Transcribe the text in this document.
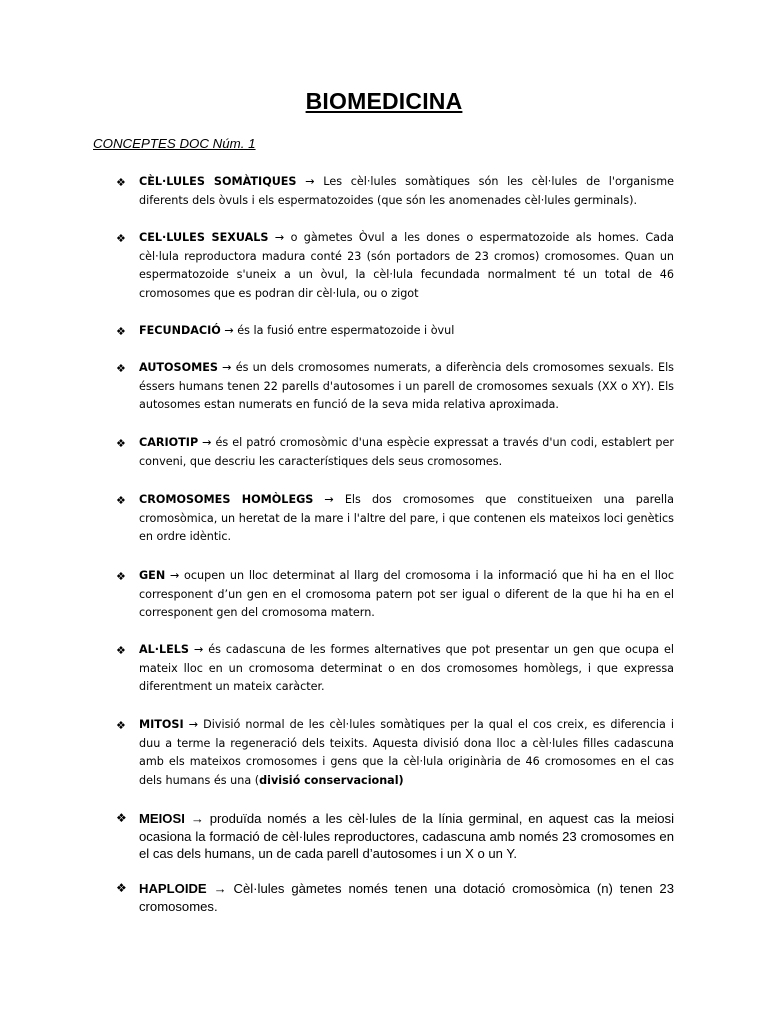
BIOMEDICINA

CONCEPTES DOC Núm. 1

❖ CÈL·LULES SOMÀTIQUES → Les cèl·lules somàtiques són les cèl·lules de l'organisme diferents dels òvuls i els espermatozoides (que són les anomenades cèl·lules germinals).
❖ CEL·LULES SEXUALS → o gàmetes Òvul a les dones o espermatozoide als homes. Cada cèl·lula reproductora madura conté 23 (són portadors de 23 cromos) cromosomes. Quan un espermatozoide s'uneix a un òvul, la cèl·lula fecundada normalment té un total de 46 cromosomes que es podran dir cèl·lula, ou o zigot
❖ FECUNDACIÓ → és la fusió entre espermatozoide i òvul
❖ AUTOSOMES → és un dels cromosomes numerats, a diferència dels cromosomes sexuals. Els éssers humans tenen 22 parells d'autosomes i un parell de cromosomes sexuals (XX o XY). Els autosomes estan numerats en funció de la seva mida relativa aproximada.
❖ CARIOTIP → és el patró cromosòmic d'una espècie expressat a través d'un codi, establert per conveni, que descriu les característiques dels seus cromosomes.
❖ CROMOSOMES HOMÒLEGS → Els dos cromosomes que constitueixen una parella cromosòmica, un heretat de la mare i l'altre del pare, i que contenen els mateixos loci genètics en ordre idèntic.
❖ GEN → ocupen un lloc determinat al llarg del cromosoma i la informació que hi ha en el lloc corresponent d’un gen en el cromosoma patern pot ser igual o diferent de la que hi ha en el corresponent gen del cromosoma matern.
❖ AL·LELS → és cadascuna de les formes alternatives que pot presentar un gen que ocupa el mateix lloc en un cromosoma determinat o en dos cromosomes homòlegs, i que expressa diferentment un mateix caràcter.
❖ MITOSI → Divisió normal de les cèl·lules somàtiques per la qual el cos creix, es diferencia i duu a terme la regeneració dels teixits. Aquesta divisió dona lloc a cèl·lules filles cadascuna amb els mateixos cromosomes i gens que la cèl·lula originària de 46 cromosomes en el cas dels humans és una (divisió conservacional)
❖ MEIOSI → produïda només a les cèl·lules de la línia germinal, en aquest cas la meiosi ocasiona la formació de cèl·lules reproductores, cadascuna amb només 23 cromosomes en el cas dels humans, un de cada parell d’autosomes i un X o un Y.
❖ HAPLOIDE → Cèl·lules gàmetes només tenen una dotació cromosòmica (n) tenen 23 cromosomes.
